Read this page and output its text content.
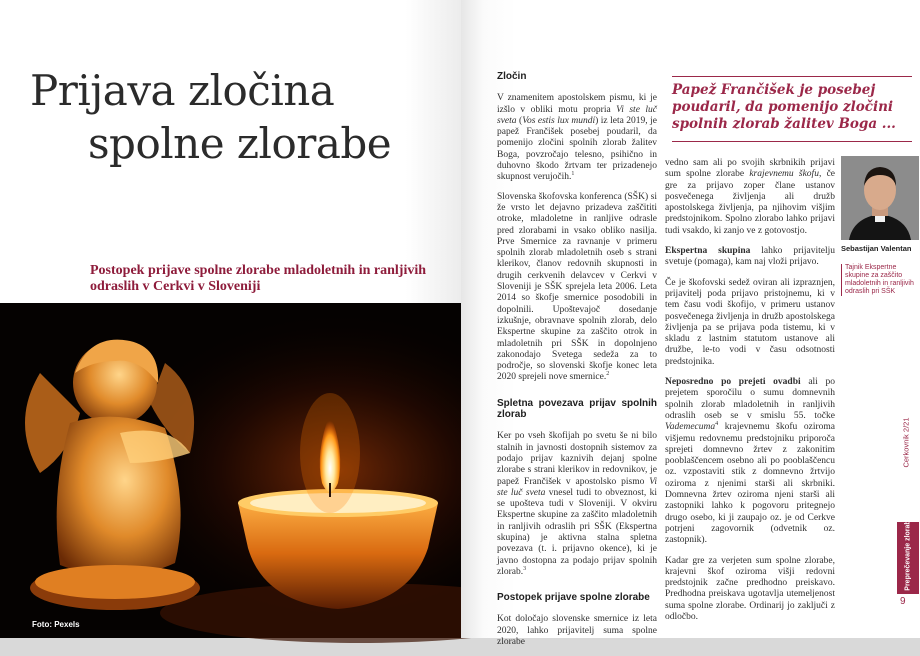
Prijava zločina
spolne zlorabe
Postopek prijave spolne zlorabe mladoletnih in ranljivih odraslih v Cerkvi v Sloveniji
Foto: Pexels
Zločin

V znamenitem apostolskem pismu, ki je izšlo v obliki motu propria Vi ste luč sveta (Vos estis lux mundi) iz leta 2019, je papež Frančišek posebej poudaril, da pomenijo zločini spolnih zlorab žalitev Boga, povzročajo telesno, psihično in duhovno škodo žrtvam ter prizadenejo skupnost verujočih.$^1$

Slovenska škofovska konferenca (SŠK) si že vrsto let dejavno prizadeva zaščititi otroke, mladoletne in ranljive odrasle pred zlorabami in vsako obliko nasilja. Prve Smernice za ravnanje v primeru spolnih zlorab mladoletnih oseb s strani klerikov, članov redovnih skupnosti in drugih cerkvenih delavcev v Cerkvi v Sloveniji je SŠK sprejela leta 2006. Leta 2014 so škofje smernice posodobili in dopolnili. Upoštevajoč dosedanje izkušnje, obravnave spolnih zlorab, delo Ekspertne skupine za zaščito otrok in mladoletnih pri SŠK in dopolnjeno zakonodajo Svetega sedeža za to področje, so slovenski škofje konec leta 2020 sprejeli nove smernice.$^2$

Spletna povezava prijav spolnih zlorab

Ker po vseh škofijah po svetu še ni bilo stalnih in javnosti dostopnih sistemov za podajo prijav kaznivih dejanj spolne zlorabe s strani klerikov in redovnikov, je papež Frančišek v apostolsko pismo Vi ste luč sveta vnesel tudi to obveznost, ki se upošteva tudi v Sloveniji. V okviru Ekspertne skupine za zaščito mladoletnih in ranljivih odraslih pri SŠK (Ekspertna skupina) je aktivna stalna spletna povezava (t. i. prijavno okence), ki je javno dostopna za podajo prijav spolnih zlorab.$^3$

Postopek prijave spolne zlorabe

Kot določajo slovenske smernice iz leta 2020, lahko prijavitelj suma spolne zlorabe

Papež Frančišek je posebej poudaril, da pomenijo zločini spolnih zlorab žalitev Boga ...

vedno sam ali po svojih skrbnikih prijavi sum spolne zlorabe krajevnemu škofu, če gre za prijavo zoper člane ustanov posvečenega življenja ali družb apostolskega življenja, pa njihovim višjim predstojnikom. Spolno zlorabo lahko prijavi tudi vsakdo, ki zanjo ve z gotovostjo.

Ekspertna skupina lahko prijavitelju svetuje (pomaga), kam naj vloži prijavo.

Če je škofovski sedež oviran ali izpraznjen, prijavitelj poda prijavo pristojnemu, ki v tem času vodi škofijo, v primeru ustanov posvečenega življenja in družb apostolskega življenja pa se prijava poda tistemu, ki v skladu z lastnim statutom ustanove ali družbe, le-to vodi v času odsotnosti predstojnika.

Neposredno po prejeti ovadbi ali po prejetem sporočilu o sumu domnevnih spolnih zlorab mladoletnih in ranljivih odraslih oseb se v smislu 55. točke Vademecuma$^4$ krajevnemu škofu oziroma višjemu redovnemu predstojniku priporoča sprejeti domnevno žrtev z zakonitim pooblaščencem osebno ali po pooblaščencu oz. vzpostaviti stik z domnevno žrtvijo oziroma z njenimi starši ali skrbniki. Domnevna žrtev oziroma njeni starši ali zastopniki lahko k pogovoru pritegnejo drugo osebo, ki ji zaupajo oz. je od Cerkve potrjeni zagovornik (odvetnik oz. zastopnik).

Kadar gre za verjeten sum spolne zlorabe, krajevni škof oziroma višji redovni predstojnik začne predhodno preiskavo. Predhodna preiskava ugotavlja utemeljenost suma spolne zlorabe. Ordinarij jo zaključi z odločbo.

Sebastijan Valentan
Tajnik Ekspertne skupine za zaščito mladoletnih in ranljivih odraslih pri SŠK
Cerkovnik 2/21
Preprečevanje zlorab
9
